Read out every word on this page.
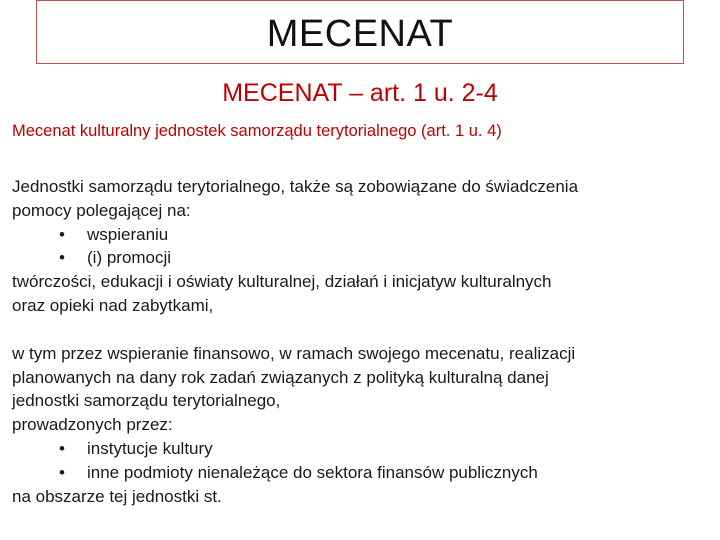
MECENAT
MECENAT – art. 1 u. 2-4
Mecenat kulturalny jednostek samorządu terytorialnego (art. 1 u. 4)
Jednostki samorządu terytorialnego, także są zobowiązane do świadczenia
pomocy polegającej na:
• wspieraniu
• (i) promocji
twórczości, edukacji i oświaty kulturalnej, działań i inicjatyw kulturalnych
oraz opieki nad zabytkami,
w tym przez wspieranie finansowo, w ramach swojego mecenatu, realizacji
planowanych na dany rok zadań związanych z polityką kulturalną danej
jednostki samorządu terytorialnego,
prowadzonych przez:
• instytucje kultury
• inne podmioty nienależące do sektora finansów publicznych
na obszarze tej jednostki st.
